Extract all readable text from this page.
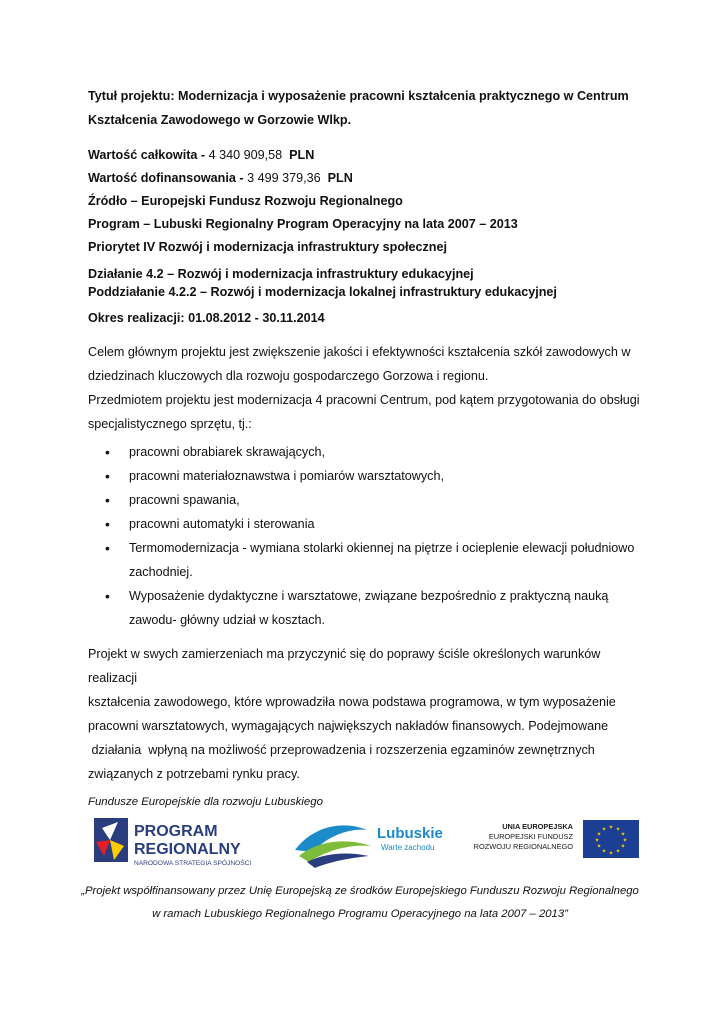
Tytuł projektu: Modernizacja i wyposażenie pracowni kształcenia praktycznego w Centrum
Kształcenia Zawodowego w Gorzowie Wlkp.

Wartość całkowita - 4 340 909,58 PLN

Wartość dofinansowania - 3 499 379,36 PLN

Źródło – Europejski Fundusz Rozwoju Regionalnego

Program – Lubuski Regionalny Program Operacyjny na lata 2007 – 2013

Priorytet IV Rozwój i modernizacja infrastruktury społecznej

Działanie 4.2 – Rozwój i modernizacja infrastruktury edukacyjnej

Poddziałanie 4.2.2 – Rozwój i modernizacja lokalnej infrastruktury edukacyjnej

Okres realizacji: 01.08.2012 - 30.11.2014

Celem głównym projektu jest zwiększenie jakości i efektywności kształcenia szkół zawodowych w
dziedzinach kluczowych dla rozwoju gospodarczego Gorzowa i regionu.

Przedmiotem projektu jest modernizacja 4 pracowni Centrum, pod kątem przygotowania do obsługi
specjalistycznego sprzętu, tj.:

• pracowni obrabiarek skrawających,
• pracowni materiałoznawstwa i pomiarów warsztatowych,
• pracowni spawania,
• pracowni automatyki i sterowania
• Termomodernizacja - wymiana stolarki okiennej na piętrze i ocieplenie elewacji południowo
zachodniej.
• Wyposażenie dydaktyczne i warsztatowe, związane bezpośrednio z praktyczną nauką
zawodu- główny udział w kosztach.

Projekt w swych zamierzeniach ma przyczynić się do poprawy ściśle określonych warunków realizacji
kształcenia zawodowego, które wprowadziła nowa podstawa programowa, w tym wyposażenie
pracowni warsztatowych, wymagających największych nakładów finansowych. Podejmowane
działania  wpłyną na możliwość przeprowadzenia i rozszerzenia egzaminów zewnętrznych
związanych z potrzebami rynku pracy.

Fundusze Europejskie dla rozwoju Lubuskiego
PROGRAM
REGIONALNY
NARODOWA STRATEGIA SPÓJNOŚCI
Lubuskie
Warte zachodu
UNIA EUROPEJSKA
EUROPEJSKI FUNDUSZ
ROZWOJU REGIONALNEGO
★ ★
★
★
★
★
★
★
★
★
★
★
„Projekt współfinansowany przez Unię Europejską ze środków Europejskiego Funduszu Rozwoju Regionalnego
w ramach Lubuskiego Regionalnego Programu Operacyjnego na lata 2007 – 2013”
